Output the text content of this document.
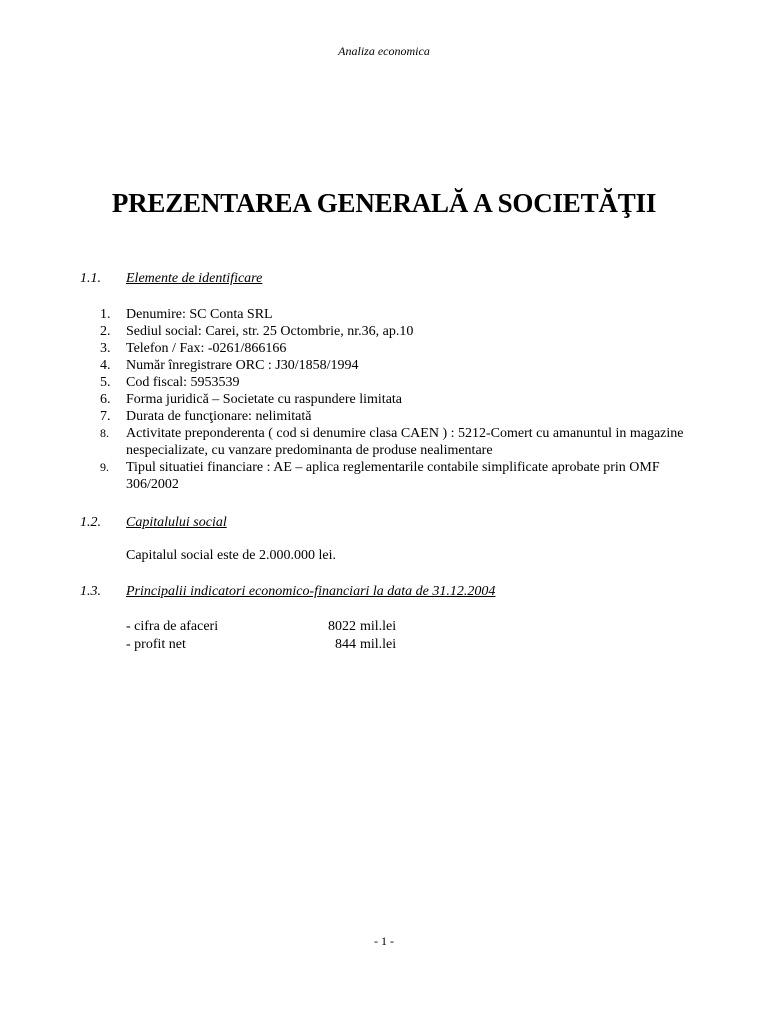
Analiza economica
PREZENTAREA GENERALĂ A SOCIETĂŢII
1.1. Elemente de identificare
1.	Denumire: SC Conta SRL
2.	Sediul social: Carei, str. 25 Octombrie, nr.36, ap.10
3.	Telefon / Fax: -0261/866166
4.	Număr înregistrare ORC : J30/1858/1994
5.	Cod fiscal: 5953539
6.	Forma juridică – Societate cu raspundere limitata
7.	Durata de funcţionare: nelimitată
8.	Activitate preponderenta ( cod si denumire clasa CAEN ) : 5212-Comert cu amanuntul in magazine nespecializate, cu vanzare predominanta de produse nealimentare
9.	Tipul situatiei financiare : AE – aplica reglementarile contabile simplificate aprobate prin OMF 306/2002
1.2. Capitalului social
Capitalul social este de 2.000.000 lei.
1.3. Principalii indicatori economico-financiari la data de 31.12.2004
- cifra de afaceri	8022 mil.lei
- profit net	844 mil.lei
- 1 -
